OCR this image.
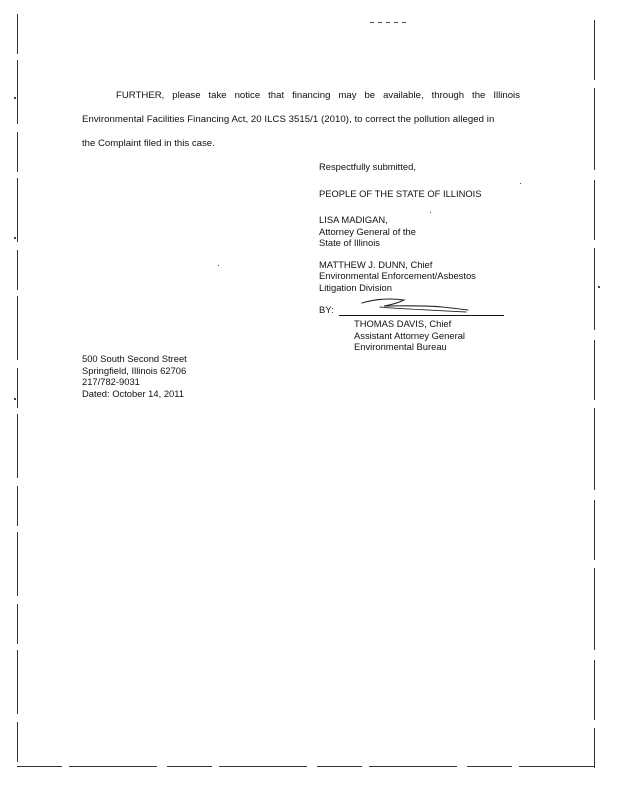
FURTHER, please take notice that financing may be available, through the Illinois
Environmental Facilities Financing Act, 20 ILCS 3515/1 (2010), to correct the pollution alleged in
the Complaint filed in this case.
Respectfully submitted,
PEOPLE OF THE STATE OF ILLINOIS
LISA MADIGAN,
Attorney General of the
State of Illinois
MATTHEW J. DUNN, Chief
Environmental Enforcement/Asbestos
Litigation Division
BY:
THOMAS DAVIS, Chief
Assistant Attorney General
Environmental Bureau
500 South Second Street
Springfield, Illinois 62706
217/782-9031
Dated: October 14, 2011
